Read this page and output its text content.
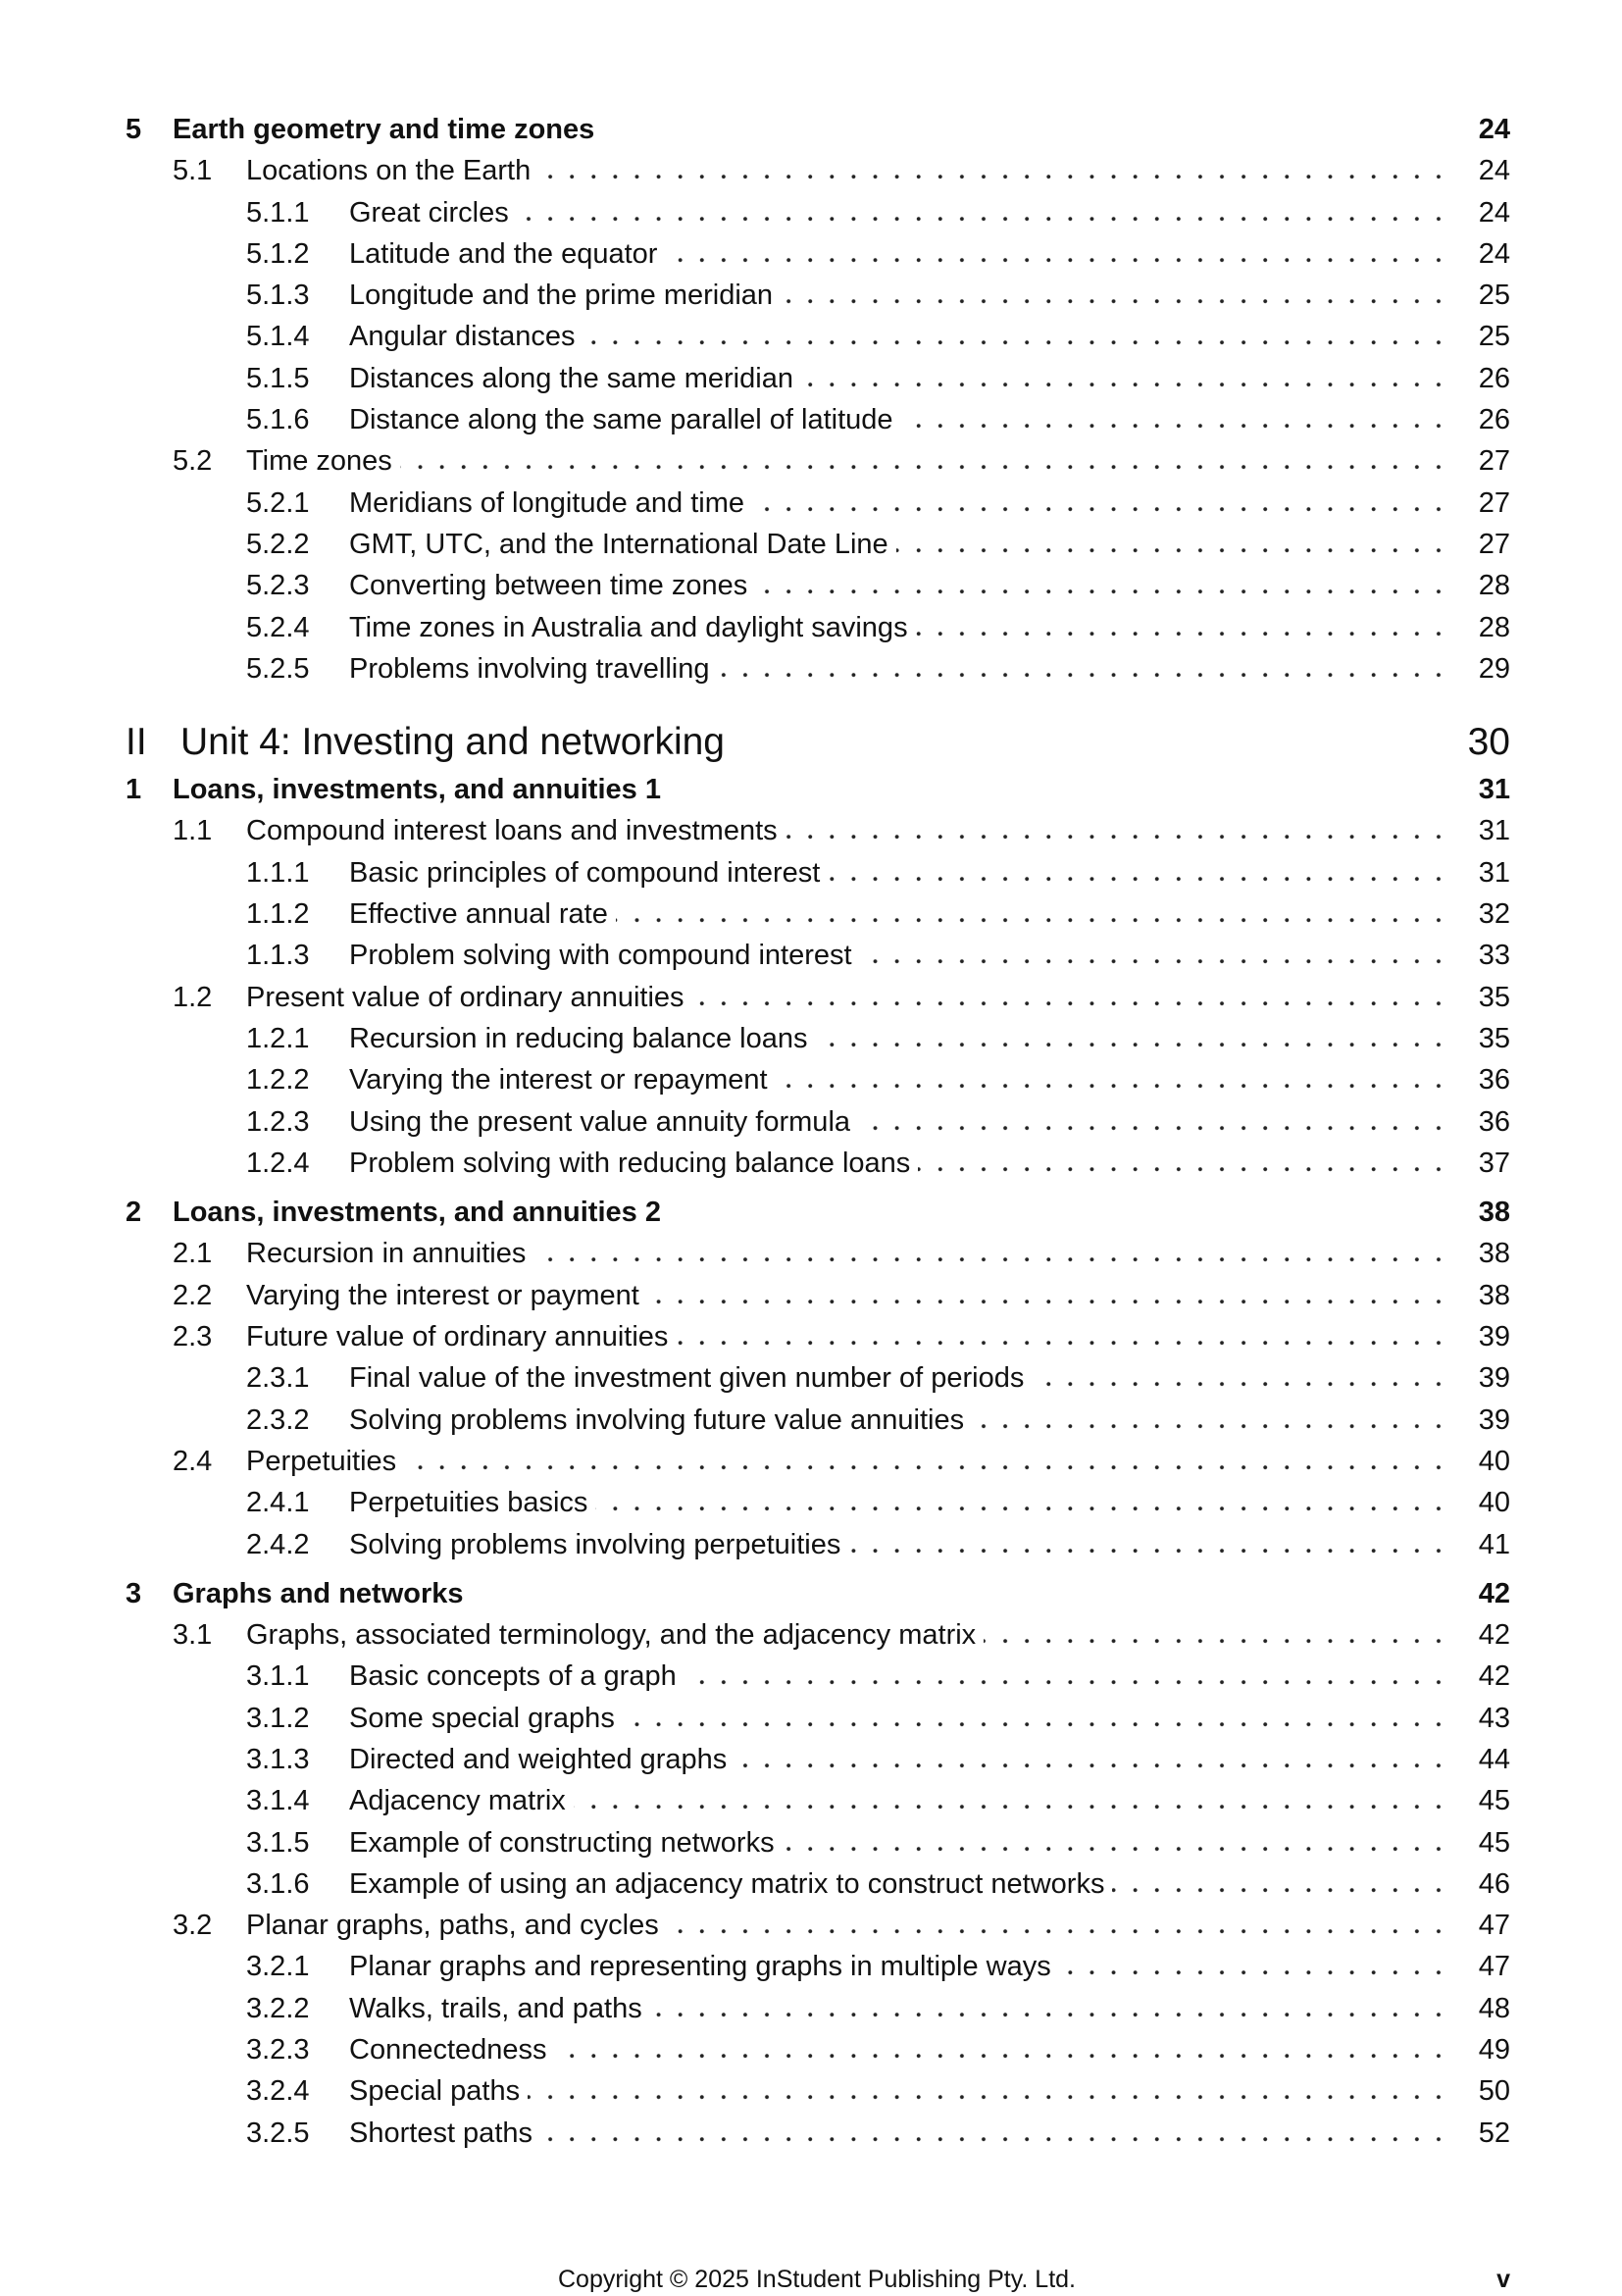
5 Earth geometry and time zones	24
5.1 Locations on the Earth	24
5.1.1 Great circles	24
5.1.2 Latitude and the equator	24
5.1.3 Longitude and the prime meridian	25
5.1.4 Angular distances	25
5.1.5 Distances along the same meridian	26
5.1.6 Distance along the same parallel of latitude	26
5.2 Time zones	27
5.2.1 Meridians of longitude and time	27
5.2.2 GMT, UTC, and the International Date Line	27
5.2.3 Converting between time zones	28
5.2.4 Time zones in Australia and daylight savings	28
5.2.5 Problems involving travelling	29
II Unit 4: Investing and networking	30
1 Loans, investments, and annuities 1	31
1.1 Compound interest loans and investments	31
1.1.1 Basic principles of compound interest	31
1.1.2 Effective annual rate	32
1.1.3 Problem solving with compound interest	33
1.2 Present value of ordinary annuities	35
1.2.1 Recursion in reducing balance loans	35
1.2.2 Varying the interest or repayment	36
1.2.3 Using the present value annuity formula	36
1.2.4 Problem solving with reducing balance loans	37
2 Loans, investments, and annuities 2	38
2.1 Recursion in annuities	38
2.2 Varying the interest or payment	38
2.3 Future value of ordinary annuities	39
2.3.1 Final value of the investment given number of periods	39
2.3.2 Solving problems involving future value annuities	39
2.4 Perpetuities	40
2.4.1 Perpetuities basics	40
2.4.2 Solving problems involving perpetuities	41
3 Graphs and networks	42
3.1 Graphs, associated terminology, and the adjacency matrix	42
3.1.1 Basic concepts of a graph	42
3.1.2 Some special graphs	43
3.1.3 Directed and weighted graphs	44
3.1.4 Adjacency matrix	45
3.1.5 Example of constructing networks	45
3.1.6 Example of using an adjacency matrix to construct networks	46
3.2 Planar graphs, paths, and cycles	47
3.2.1 Planar graphs and representing graphs in multiple ways	47
3.2.2 Walks, trails, and paths	48
3.2.3 Connectedness	49
3.2.4 Special paths	50
3.2.5 Shortest paths	52
Copyright © 2025 InStudent Publishing Pty. Ltd.	v
